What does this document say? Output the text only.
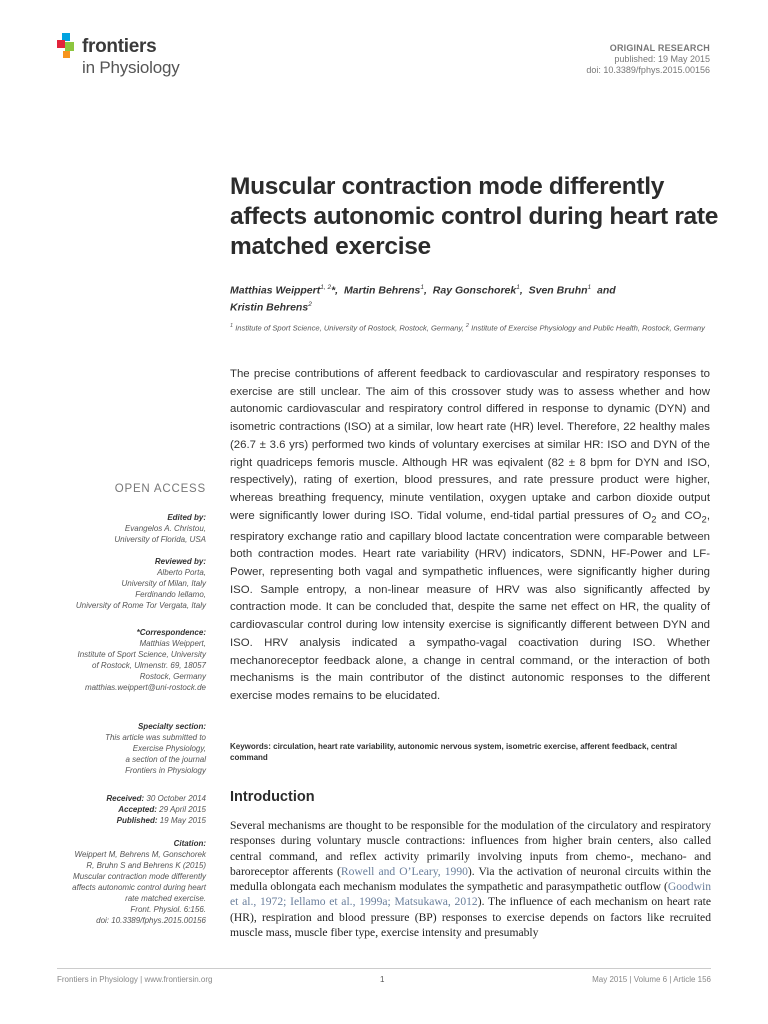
frontiers
in Physiology
ORIGINAL RESEARCH
published: 19 May 2015
doi: 10.3389/fphys.2015.00156
Muscular contraction mode differently affects autonomic control during heart rate matched exercise
Matthias Weippert$^{1, 2}$*,  Martin Behrens$^1$,  Ray Gonschorek$^1$,  Sven Bruhn$^1$ and
Kristin Behrens$^2$
$^1$ Institute of Sport Science, University of Rostock, Rostock, Germany, $^2$ Institute of Exercise Physiology and Public Health, Rostock, Germany
The precise contributions of afferent feedback to cardiovascular and respiratory responses to exercise are still unclear. The aim of this crossover study was to assess whether and how autonomic cardiovascular and respiratory control differed in response to dynamic (DYN) and isometric contractions (ISO) at a similar, low heart rate (HR) level. Therefore, 22 healthy males (26.7 ± 3.6 yrs) performed two kinds of voluntary exercises at similar HR: ISO and DYN of the right quadriceps femoris muscle. Although HR was eqivalent (82 ± 8 bpm for DYN and ISO, respectively), rating of exertion, blood pressures, and rate pressure product were higher, whereas breathing frequency, minute ventilation, oxygen uptake and carbon dioxide output were significantly lower during ISO. Tidal volume, end-tidal partial pressures of $O_2$ and $CO_2$, respiratory exchange ratio and capillary blood lactate concentration were comparable between both contraction modes. Heart rate variability (HRV) indicators, SDNN, HF-Power and LF-Power, representing both vagal and sympathetic influences, were significantly higher during ISO. Sample entropy, a non-linear measure of HRV was also significantly affected by contraction mode. It can be concluded that, despite the same net effect on HR, the quality of cardiovascular control during low intensity exercise is significantly different between DYN and ISO. HRV analysis indicated a sympatho-vagal coactivation during ISO. Whether mechanoreceptor feedback alone, a change in central command, or the interaction of both mechanisms is the main contributor of the distinct autonomic responses to the different exercise modes remains to be elucidated.
Keywords: circulation, heart rate variability, autonomic nervous system, isometric exercise, afferent feedback, central command
Introduction
Several mechanisms are thought to be responsible for the modulation of the circulatory and respiratory responses during voluntary muscle contractions: influences from higher brain centers, also called central command, and reflex activity primarily involving inputs from chemo-, mechano- and baroreceptor afferents (Rowell and O’Leary, 1990). Via the activation of neuronal circuits within the medulla oblongata each mechanism modulates the sympathetic and parasympathetic outflow (Goodwin et al., 1972; Iellamo et al., 1999a; Matsukawa, 2012). The influence of each mechanism on heart rate (HR), respiration and blood pressure (BP) responses to exercise depends on factors like recruited muscle mass, muscle fiber type, exercise intensity and presumably
OPEN ACCESS

Edited by:

Evangelos A. Christou,

University of Florida, USA

Reviewed by:

Alberto Porta,

University of Milan, Italy

Ferdinando Iellamo,

University of Rome Tor Vergata, Italy

*Correspondence:

Matthias Weippert,

Institute of Sport Science, University

of Rostock, Ulmenstr. 69, 18057

Rostock, Germany

matthias.weippert@uni-rostock.de

Specialty section:

This article was submitted to

Exercise Physiology,

a section of the journal

Frontiers in Physiology

Received: 30 October 2014

Accepted: 29 April 2015

Published: 19 May 2015

Citation:

Weippert M, Behrens M, Gonschorek

R, Bruhn S and Behrens K (2015)

Muscular contraction mode differently

affects autonomic control during heart

rate matched exercise.

Front. Physiol. 6:156.

doi: 10.3389/fphys.2015.00156

Frontiers in Physiology | www.frontiersin.org	1	May 2015 | Volume 6 | Article 156
